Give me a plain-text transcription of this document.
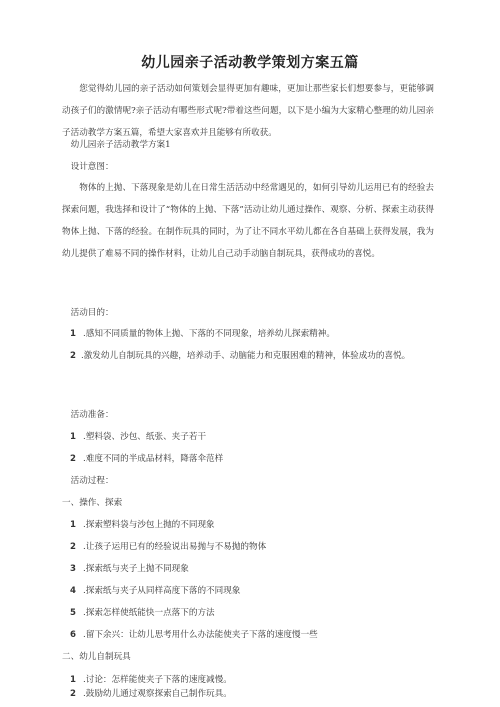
幼儿园亲子活动教学策划方案五篇
您觉得幼儿园的亲子活动如何策划会显得更加有趣味，更加让那些家长们想要参与，更能够调动孩子们的激情呢?亲子活动有哪些形式呢?带着这些问题，以下是小编为大家精心整理的幼儿园亲子活动教学方案五篇，希望大家喜欢并且能够有所收获。
幼儿园亲子活动教学方案1
设计意图：
物体的上抛、下落现象是幼儿在日常生活活动中经常遇见的，如何引导幼儿运用已有的经验去探索问题，我选择和设计了“物体的上抛、下落”活动让幼儿通过操作、观察、分析、探索主动获得物体上抛、下落的经验。在制作玩具的同时，为了让不同水平幼儿都在各自基础上获得发展，我为幼儿提供了难易不同的操作材料，让幼儿自己动手动脑自制玩具，获得成功的喜悦。
活动目的：
1 .感知不同质量的物体上抛、下落的不同现象，培养幼儿探索精神。
2 .激发幼儿自制玩具的兴趣，培养动手、动脑能力和克服困难的精神，体验成功的喜悦。
活动准备：
1 .塑料袋、沙包、纸张、夹子若干
2 .难度不同的半成品材料，降落伞范样
活动过程：
一、操作、探索
1 .探索塑料袋与沙包上抛的不同现象
2 .让孩子运用已有的经验说出易抛与不易抛的物体
3 .探索纸与夹子上抛不同现象
4 .探索纸与夹子从同样高度下落的不同现象
5 .探索怎样使纸能快一点落下的方法
6 .留下余兴：让幼儿思考用什么办法能使夹子下落的速度慢一些
二、幼儿自制玩具
1 .讨论：怎样能使夹子下落的速度减慢。
2 .鼓励幼儿通过观察探索自己制作玩具。
